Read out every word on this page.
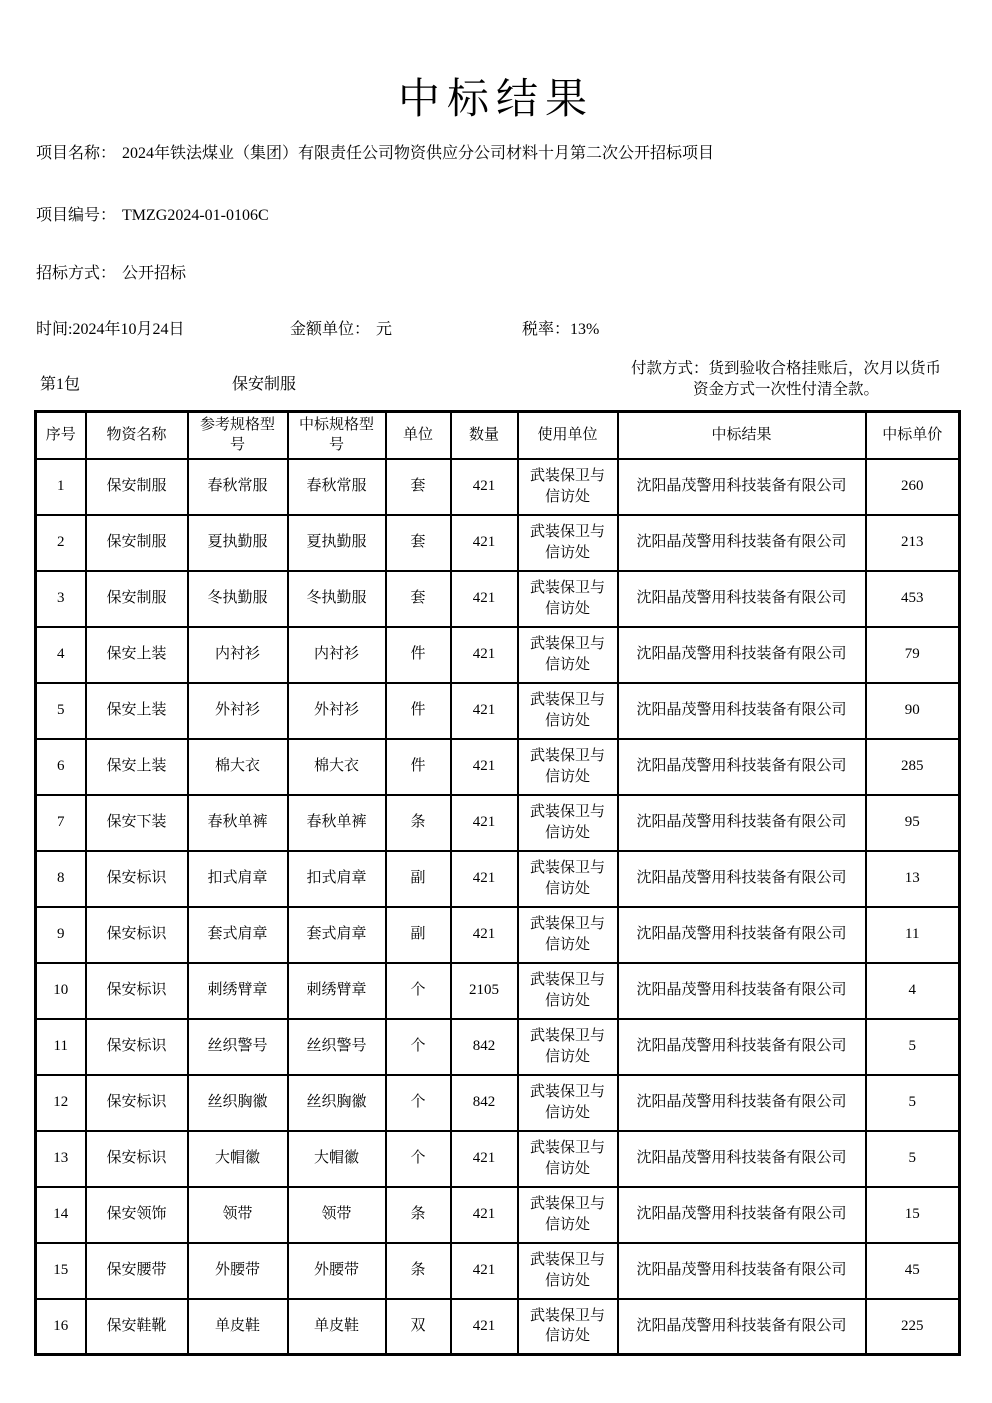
中标结果
项目名称： 2024年铁法煤业（集团）有限责任公司物资供应分公司材料十月第二次公开招标项目
项目编号： TMZG2024-01-0106C
招标方式： 公开招标
时间:2024年10月24日	金额单位： 元	税率：13%
第1包	保安制服
付款方式：货到验收合格挂账后，次月以货币
资金方式一次性付清全款。
序号	物资名称	参考规格型号	中标规格型号	单位	数量	使用单位	中标结果	中标单价
1	保安制服	春秋常服	春秋常服	套	421	武装保卫与信访处	沈阳晶茂警用科技装备有限公司	260
2	保安制服	夏执勤服	夏执勤服	套	421	武装保卫与信访处	沈阳晶茂警用科技装备有限公司	213
3	保安制服	冬执勤服	冬执勤服	套	421	武装保卫与信访处	沈阳晶茂警用科技装备有限公司	453
4	保安上装	内衬衫	内衬衫	件	421	武装保卫与信访处	沈阳晶茂警用科技装备有限公司	79
5	保安上装	外衬衫	外衬衫	件	421	武装保卫与信访处	沈阳晶茂警用科技装备有限公司	90
6	保安上装	棉大衣	棉大衣	件	421	武装保卫与信访处	沈阳晶茂警用科技装备有限公司	285
7	保安下装	春秋单裤	春秋单裤	条	421	武装保卫与信访处	沈阳晶茂警用科技装备有限公司	95
8	保安标识	扣式肩章	扣式肩章	副	421	武装保卫与信访处	沈阳晶茂警用科技装备有限公司	13
9	保安标识	套式肩章	套式肩章	副	421	武装保卫与信访处	沈阳晶茂警用科技装备有限公司	11
10	保安标识	刺绣臂章	刺绣臂章	个	2105	武装保卫与信访处	沈阳晶茂警用科技装备有限公司	4
11	保安标识	丝织警号	丝织警号	个	842	武装保卫与信访处	沈阳晶茂警用科技装备有限公司	5
12	保安标识	丝织胸徽	丝织胸徽	个	842	武装保卫与信访处	沈阳晶茂警用科技装备有限公司	5
13	保安标识	大帽徽	大帽徽	个	421	武装保卫与信访处	沈阳晶茂警用科技装备有限公司	5
14	保安领饰	领带	领带	条	421	武装保卫与信访处	沈阳晶茂警用科技装备有限公司	15
15	保安腰带	外腰带	外腰带	条	421	武装保卫与信访处	沈阳晶茂警用科技装备有限公司	45
16	保安鞋靴	单皮鞋	单皮鞋	双	421	武装保卫与信访处	沈阳晶茂警用科技装备有限公司	225
